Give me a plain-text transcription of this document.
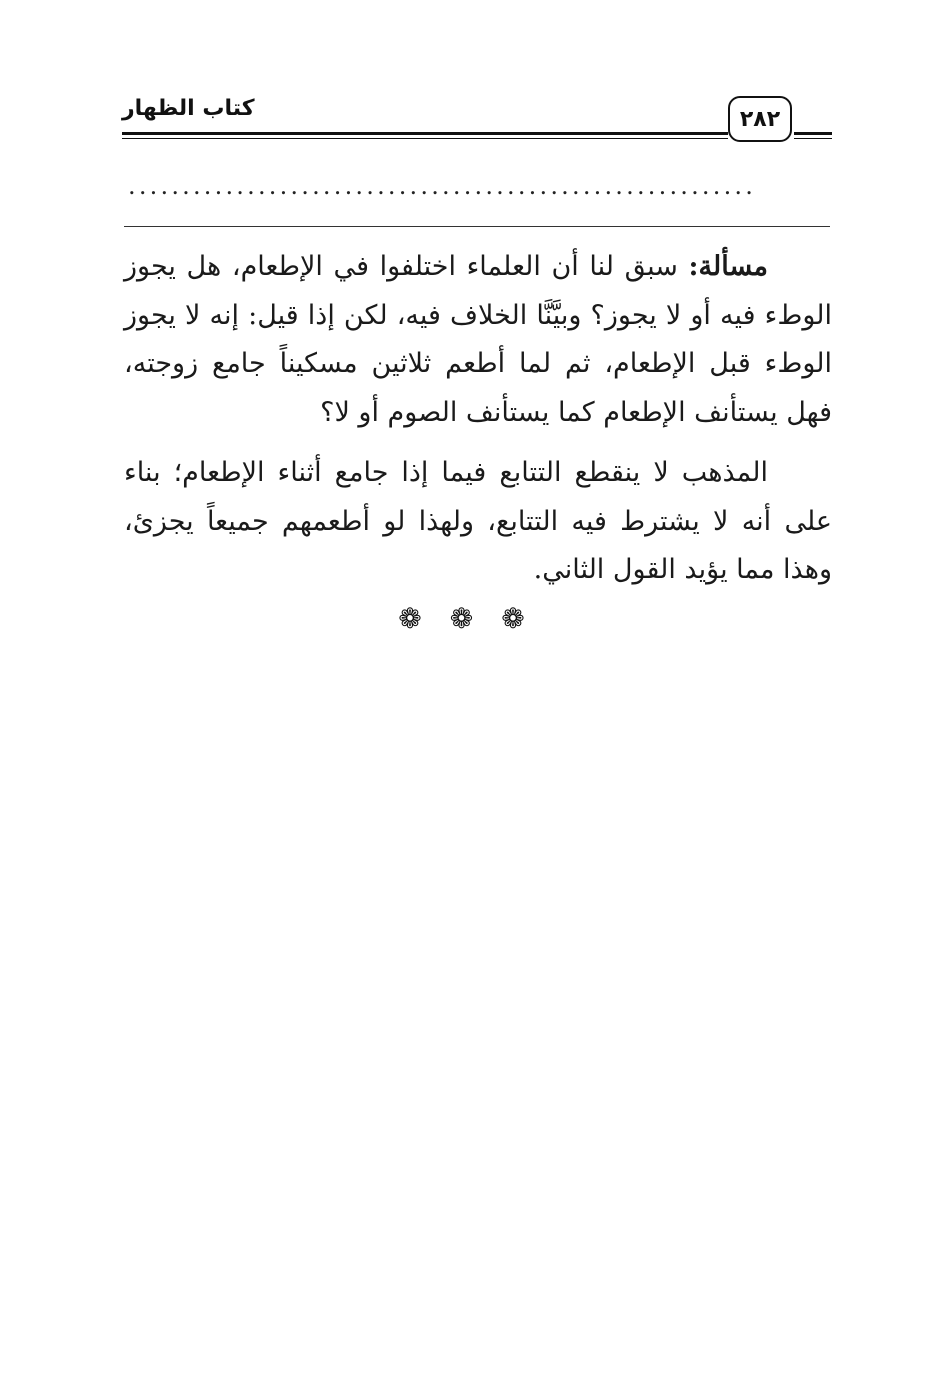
كتاب الظهار	٢٨٢
..........................................................

مسألة: سبق لنا أن العلماء اختلفوا في الإطعام، هل يجوز الوطء فيه أو لا يجوز؟ وبيَّنَّا الخلاف فيه، لكن إذا قيل: إنه لا يجوز الوطء قبل الإطعام، ثم لما أطعم ثلاثين مسكيناً جامع زوجته، فهل يستأنف الإطعام كما يستأنف الصوم أو لا؟

المذهب لا ينقطع التتابع فيما إذا جامع أثناء الإطعام؛ بناء على أنه لا يشترط فيه التتابع، ولهذا لو أطعمهم جميعاً يجزئ، وهذا مما يؤيد القول الثاني.

❁❁❁
